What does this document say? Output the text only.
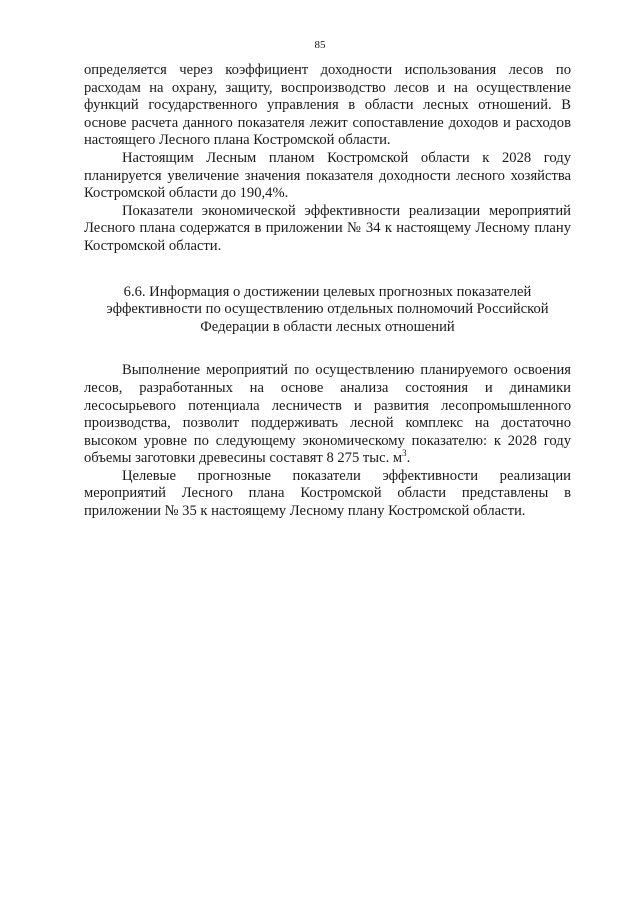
85

определяется через коэффициент доходности использования лесов по расходам на охрану, защиту, воспроизводство лесов и на осуществление функций государственного управления в области лесных отношений. В основе расчета данного показателя лежит сопоставление доходов и расходов настоящего Лесного плана Костромской области.

Настоящим Лесным планом Костромской области к 2028 году планируется увеличение значения показателя доходности лесного хозяйства Костромской области до 190,4%.

Показатели экономической эффективности реализации мероприятий Лесного плана содержатся в приложении № 34 к настоящему Лесному плану Костромской области.

6.6. Информация о достижении целевых прогнозных показателей
эффективности по осуществлению отдельных полномочий Российской
Федерации в области лесных отношений

Выполнение мероприятий по осуществлению планируемого освоения лесов, разработанных на основе анализа состояния и динамики лесосырьевого потенциала лесничеств и развития лесопромышленного производства, позволит поддерживать лесной комплекс на достаточно высоком уровне по следующему экономическому показателю: к 2028 году объемы заготовки древесины составят 8 275 тыс. $м^3$.

Целевые прогнозные показатели эффективности реализации мероприятий Лесного плана Костромской области представлены в приложении № 35 к настоящему Лесному плану Костромской области.
